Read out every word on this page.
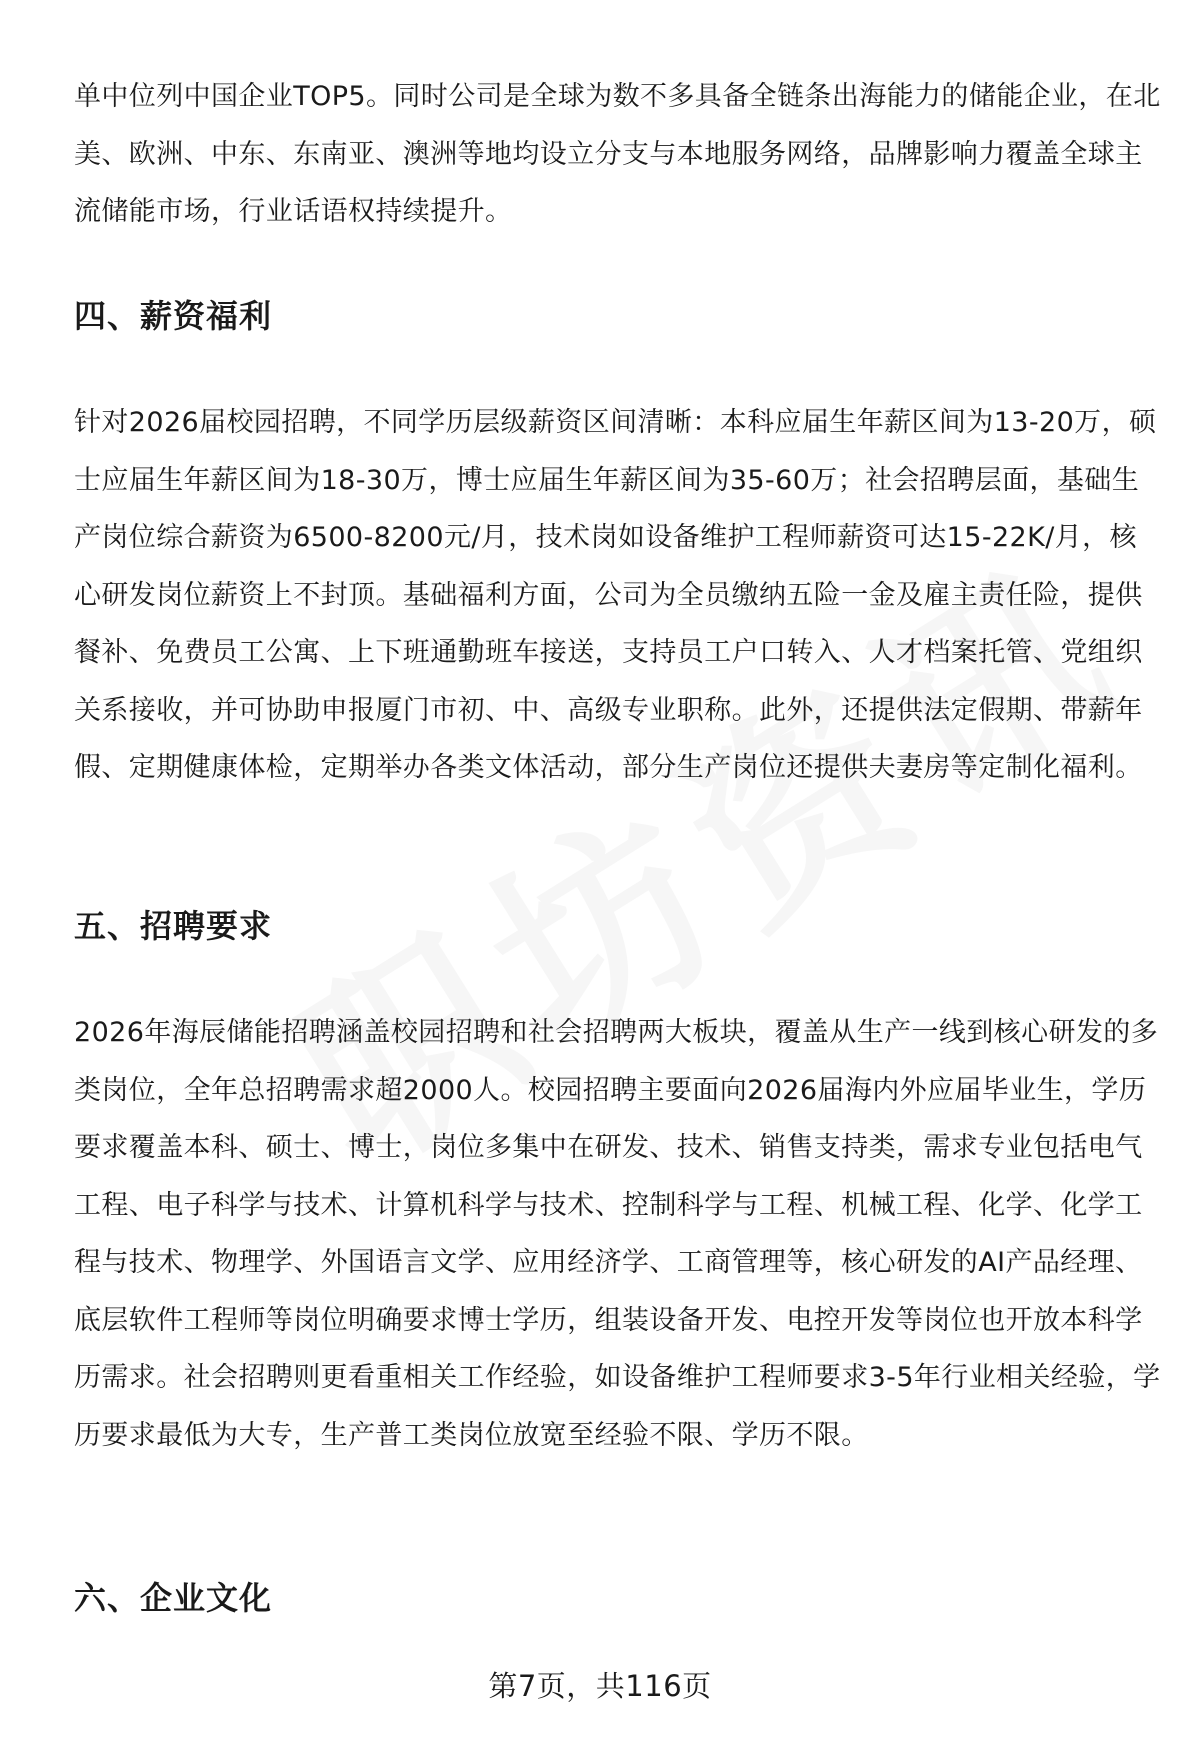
单中位列中国企业TOP5。同时公司是全球为数不多具备全链条出海能力的储能企业，在北美、欧洲、中东、东南亚、澳洲等地均设立分支与本地服务网络，品牌影响力覆盖全球主流储能市场，行业话语权持续提升。

四、薪资福利

针对2026届校园招聘，不同学历层级薪资区间清晰：本科应届生年薪区间为13-20万，硕士应届生年薪区间为18-30万，博士应届生年薪区间为35-60万；社会招聘层面，基础生产岗位综合薪资为6500-8200元/月，技术岗如设备维护工程师薪资可达15-22K/月，核心研发岗位薪资上不封顶。基础福利方面，公司为全员缴纳五险一金及雇主责任险，提供餐补、免费员工公寓、上下班通勤班车接送，支持员工户口转入、人才档案托管、党组织关系接收，并可协助申报厦门市初、中、高级专业职称。此外，还提供法定假期、带薪年假、定期健康体检，定期举办各类文体活动，部分生产岗位还提供夫妻房等定制化福利。

五、招聘要求

2026年海辰储能招聘涵盖校园招聘和社会招聘两大板块，覆盖从生产一线到核心研发的多类岗位，全年总招聘需求超2000人。校园招聘主要面向2026届海内外应届毕业生，学历要求覆盖本科、硕士、博士，岗位多集中在研发、技术、销售支持类，需求专业包括电气工程、电子科学与技术、计算机科学与技术、控制科学与工程、机械工程、化学、化学工程与技术、物理学、外国语言文学、应用经济学、工商管理等，核心研发的AI产品经理、底层软件工程师等岗位明确要求博士学历，组装设备开发、电控开发等岗位也开放本科学历需求。社会招聘则更看重相关工作经验，如设备维护工程师要求3-5年行业相关经验，学历要求最低为大专，生产普工类岗位放宽至经验不限、学历不限。

六、企业文化
第7页，共116页
